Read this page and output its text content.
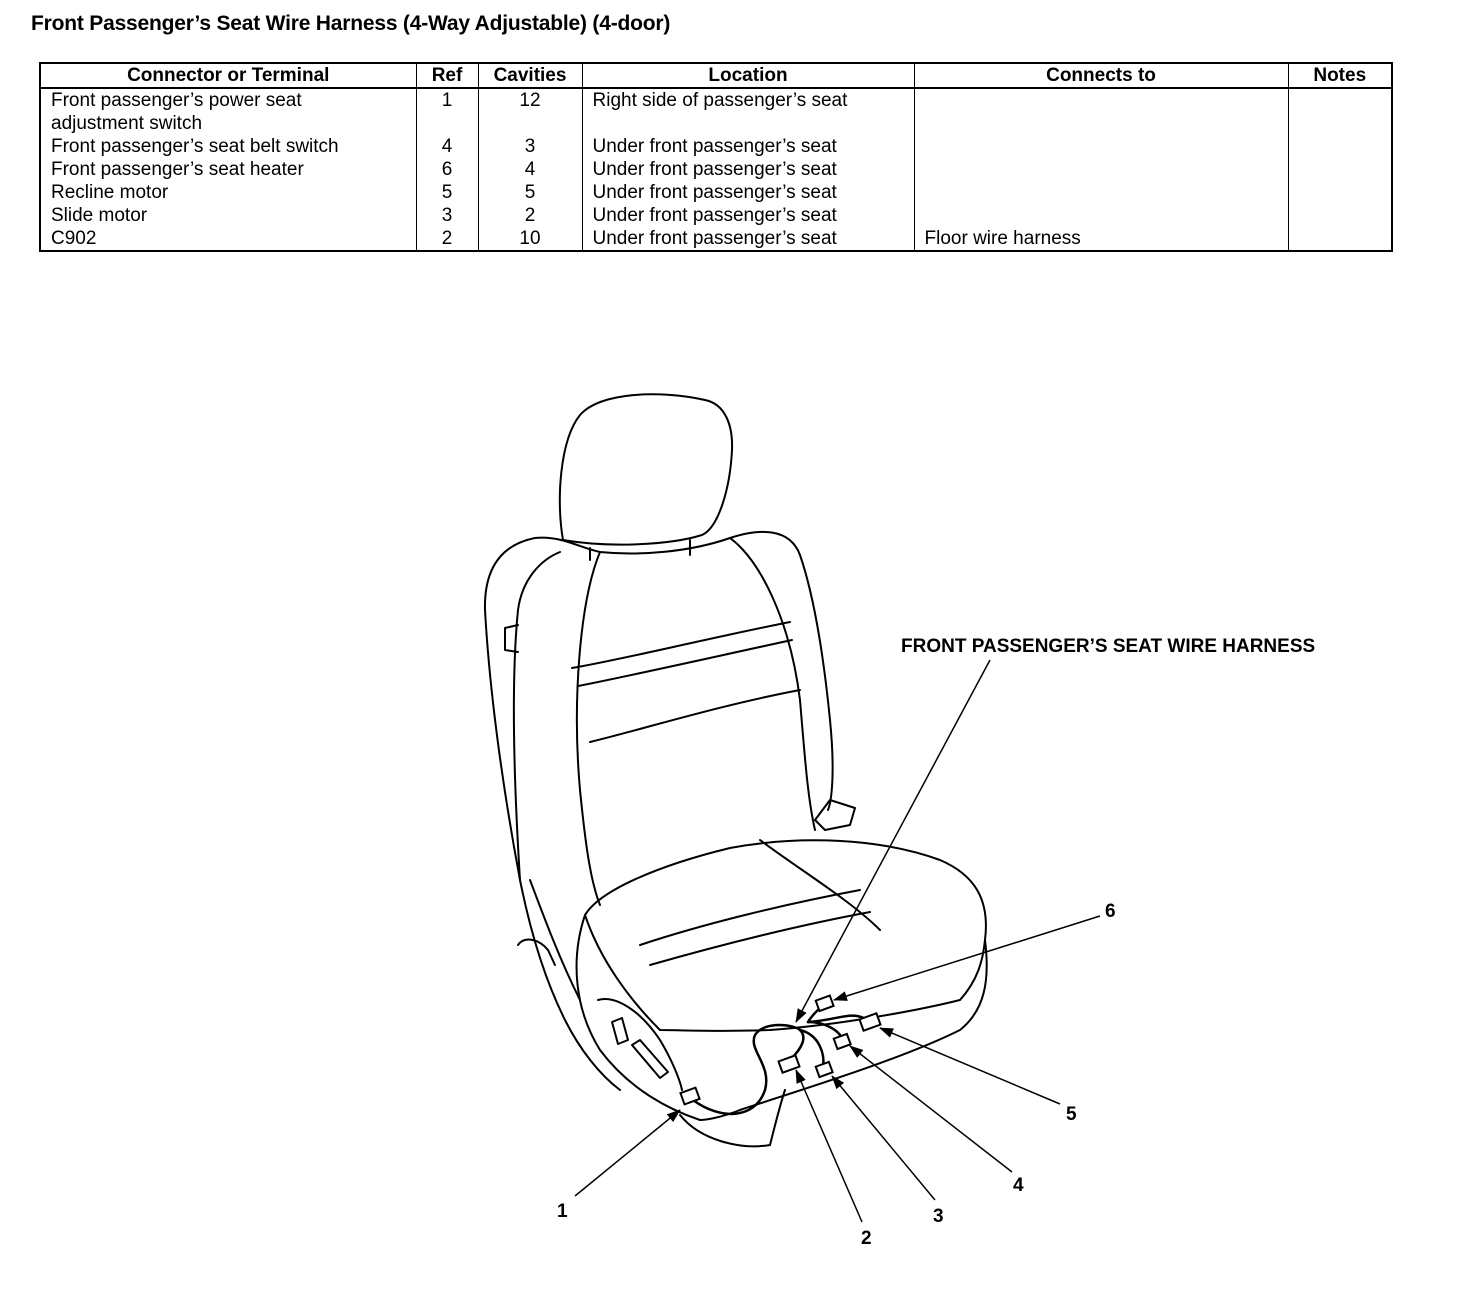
Front Passenger’s Seat Wire Harness (4-Way Adjustable) (4-door)
Connector or Terminal	Ref	Cavities	Location	Connects to	Notes
Front passenger’s power seat
adjustment switch	1	12	Right side of passenger’s seat		
Front passenger’s seat belt switch	4	3	Under front passenger’s seat		
Front passenger’s seat heater	6	4	Under front passenger’s seat		
Recline motor	5	5	Under front passenger’s seat		
Slide motor	3	2	Under front passenger’s seat		
C902	2	10	Under front passenger’s seat	Floor wire harness	
FRONT PASSENGER’S SEAT WIRE HARNESS
1
2
3
4
5
6
